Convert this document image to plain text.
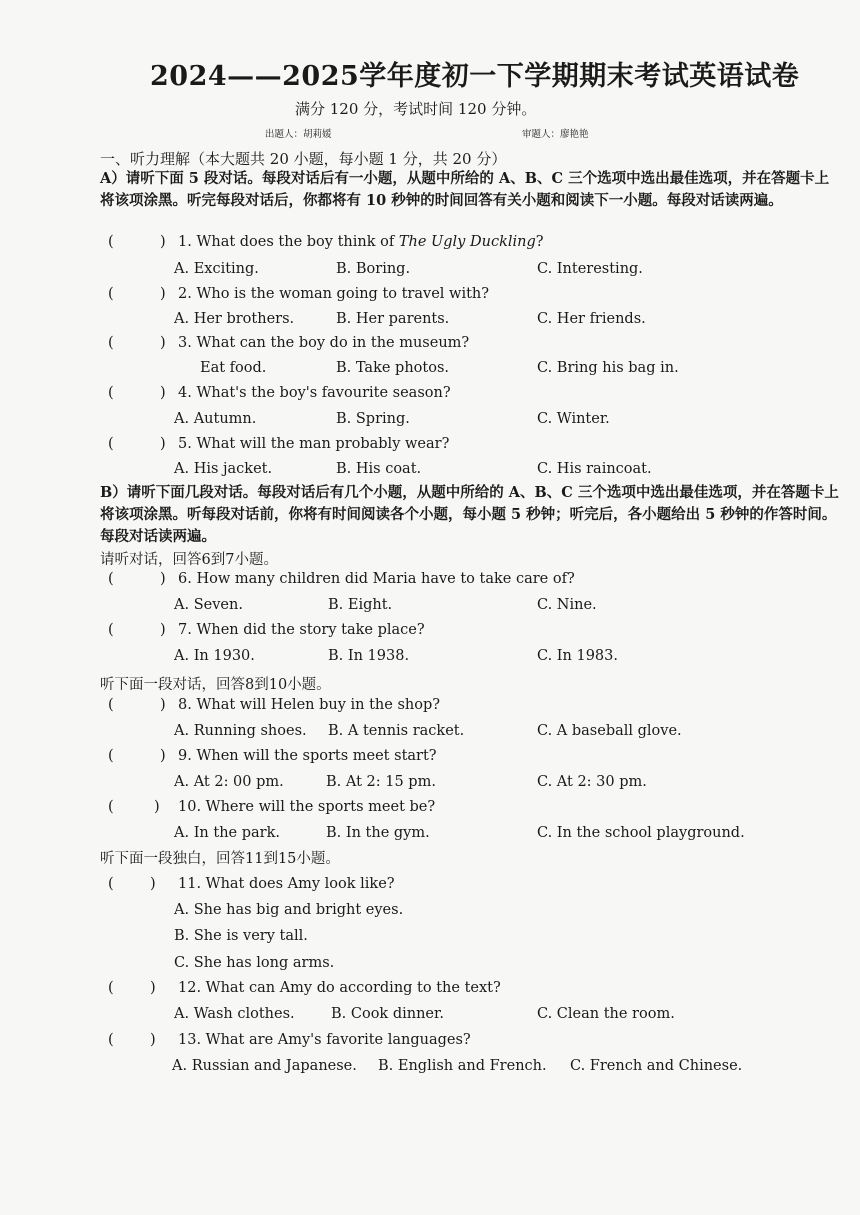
2024——2025学年度初一下学期期末考试英语试卷
满分 120 分，考试时间 120 分钟。
出题人：胡莉媛	审题人：廖艳艳
一、听力理解（本大题共 20 小题，每小题 1 分，共 20 分）
A）请听下面 5 段对话。每段对话后有一小题，从题中所给的 A、B、C 三个选项中选出最佳选项，并在答题卡上将该项涂黑。听完每段对话后，你都将有 10 秒钟的时间回答有关小题和阅读下一小题。每段对话读两遍。
(	) 1. What does the boy think of The Ugly Duckling?
A. Exciting.	B. Boring.	C. Interesting.
(	) 2. Who is the woman going to travel with?
A. Her brothers.	B. Her parents.	C. Her friends.
(	) 3. What can the boy do in the museum?
Eat food.	B. Take photos.	C. Bring his bag in.
(	) 4. What's the boy's favourite season?
A. Autumn.	B. Spring.	C. Winter.
(	) 5. What will the man probably wear?
A. His jacket.	B. His coat.	C. His raincoat.
B）请听下面几段对话。每段对话后有几个小题，从题中所给的 A、B、C 三个选项中选出最佳选项，并在答题卡上将该项涂黑。听每段对话前，你将有时间阅读各个小题，每小题 5 秒钟；听完后，各小题给出 5 秒钟的作答时间。每段对话读两遍。
请听对话，回答6到7小题。
(	) 6. How many children did Maria have to take care of?
A. Seven.	B. Eight.	C. Nine.
(	) 7. When did the story take place?
A. In 1930.	B. In 1938.	C. In 1983.
听下面一段对话，回答8到10小题。
(	) 8. What will Helen buy in the shop?
A. Running shoes. B. A tennis racket.	C. A baseball glove.
(	) 9. When will the sports meet start?
A. At 2: 00 pm.	B. At 2: 15 pm.	C. At 2: 30 pm.
(	) 10. Where will the sports meet be?
A. In the park.	B. In the gym.	C. In the school playground.
听下面一段独白，回答11到15小题。
(	) 11. What does Amy look like?
A. She has big and bright eyes.
B. She is very tall.
C. She has long arms.
(	) 12. What can Amy do according to the text?
A. Wash clothes.	B. Cook dinner.	C. Clean the room.
(	) 13. What are Amy's favorite languages?
A. Russian and Japanese. B. English and French. C. French and Chinese.
